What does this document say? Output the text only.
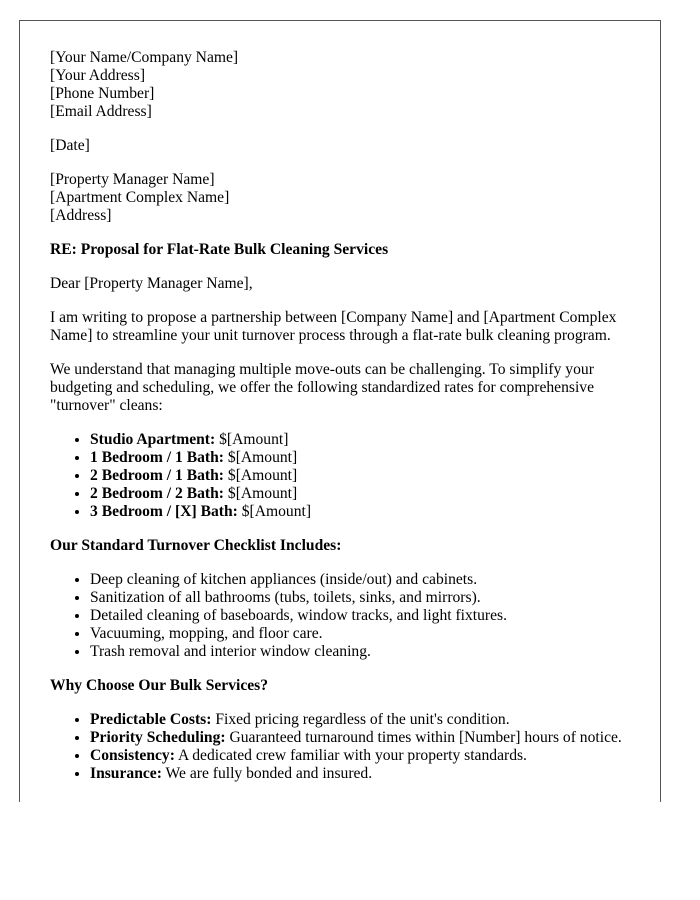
[Your Name/Company Name]
[Your Address]
[Phone Number]
[Email Address]
[Date]
[Property Manager Name]
[Apartment Complex Name]
[Address]
RE: Proposal for Flat-Rate Bulk Cleaning Services

Dear [Property Manager Name],

I am writing to propose a partnership between [Company Name] and [Apartment Complex Name] to streamline your unit turnover process through a flat-rate bulk cleaning program.

We understand that managing multiple move-outs can be challenging. To simplify your budgeting and scheduling, we offer the following standardized rates for comprehensive "turnover" cleans:

• Studio Apartment: $[Amount]
• 1 Bedroom / 1 Bath: $[Amount]
• 2 Bedroom / 1 Bath: $[Amount]
• 2 Bedroom / 2 Bath: $[Amount]
• 3 Bedroom / [X] Bath: $[Amount]
Our Standard Turnover Checklist Includes:
• Deep cleaning of kitchen appliances (inside/out) and cabinets.
• Sanitization of all bathrooms (tubs, toilets, sinks, and mirrors).
• Detailed cleaning of baseboards, window tracks, and light fixtures.
• Vacuuming, mopping, and floor care.
• Trash removal and interior window cleaning.
Why Choose Our Bulk Services?
• Predictable Costs: Fixed pricing regardless of the unit's condition.
• Priority Scheduling: Guaranteed turnaround times within [Number] hours of notice.
• Consistency: A dedicated crew familiar with your property standards.
• Insurance: We are fully bonded and insured.
